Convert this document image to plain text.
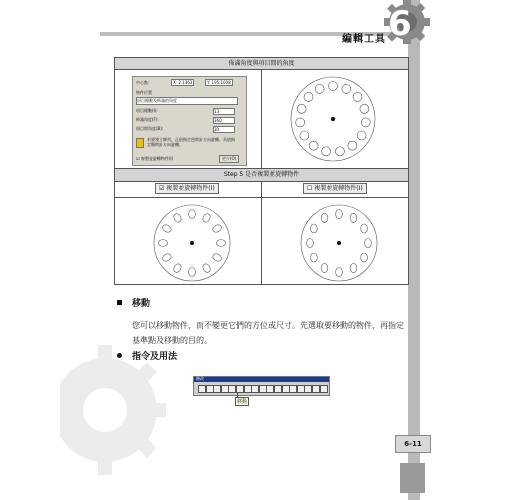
編輯工具 6
佈滿角度與項目間的角度
Step 5 是否複製並旋轉物件
☑ 複製並旋轉物件(I)	☐ 複製並旋轉物件(I)
中心點:	X: 2.1363	Y: 195.1008
物件位置
項目總數及佈滿的角度
項目總數(I):	13
佈滿角度(F):	360
項目間角度(B):	30
若要建立陣列，正值指定逆時針方向旋轉，負值指定順時針方向旋轉。
☑ 複製並旋轉物件(I)	更少(O)
移動
您可以移動物件，而不變更它們的方位或尺寸。先選取要移動的物件，再指定基準點及移動的目的。
指令及用法
修改
移動
6-11
